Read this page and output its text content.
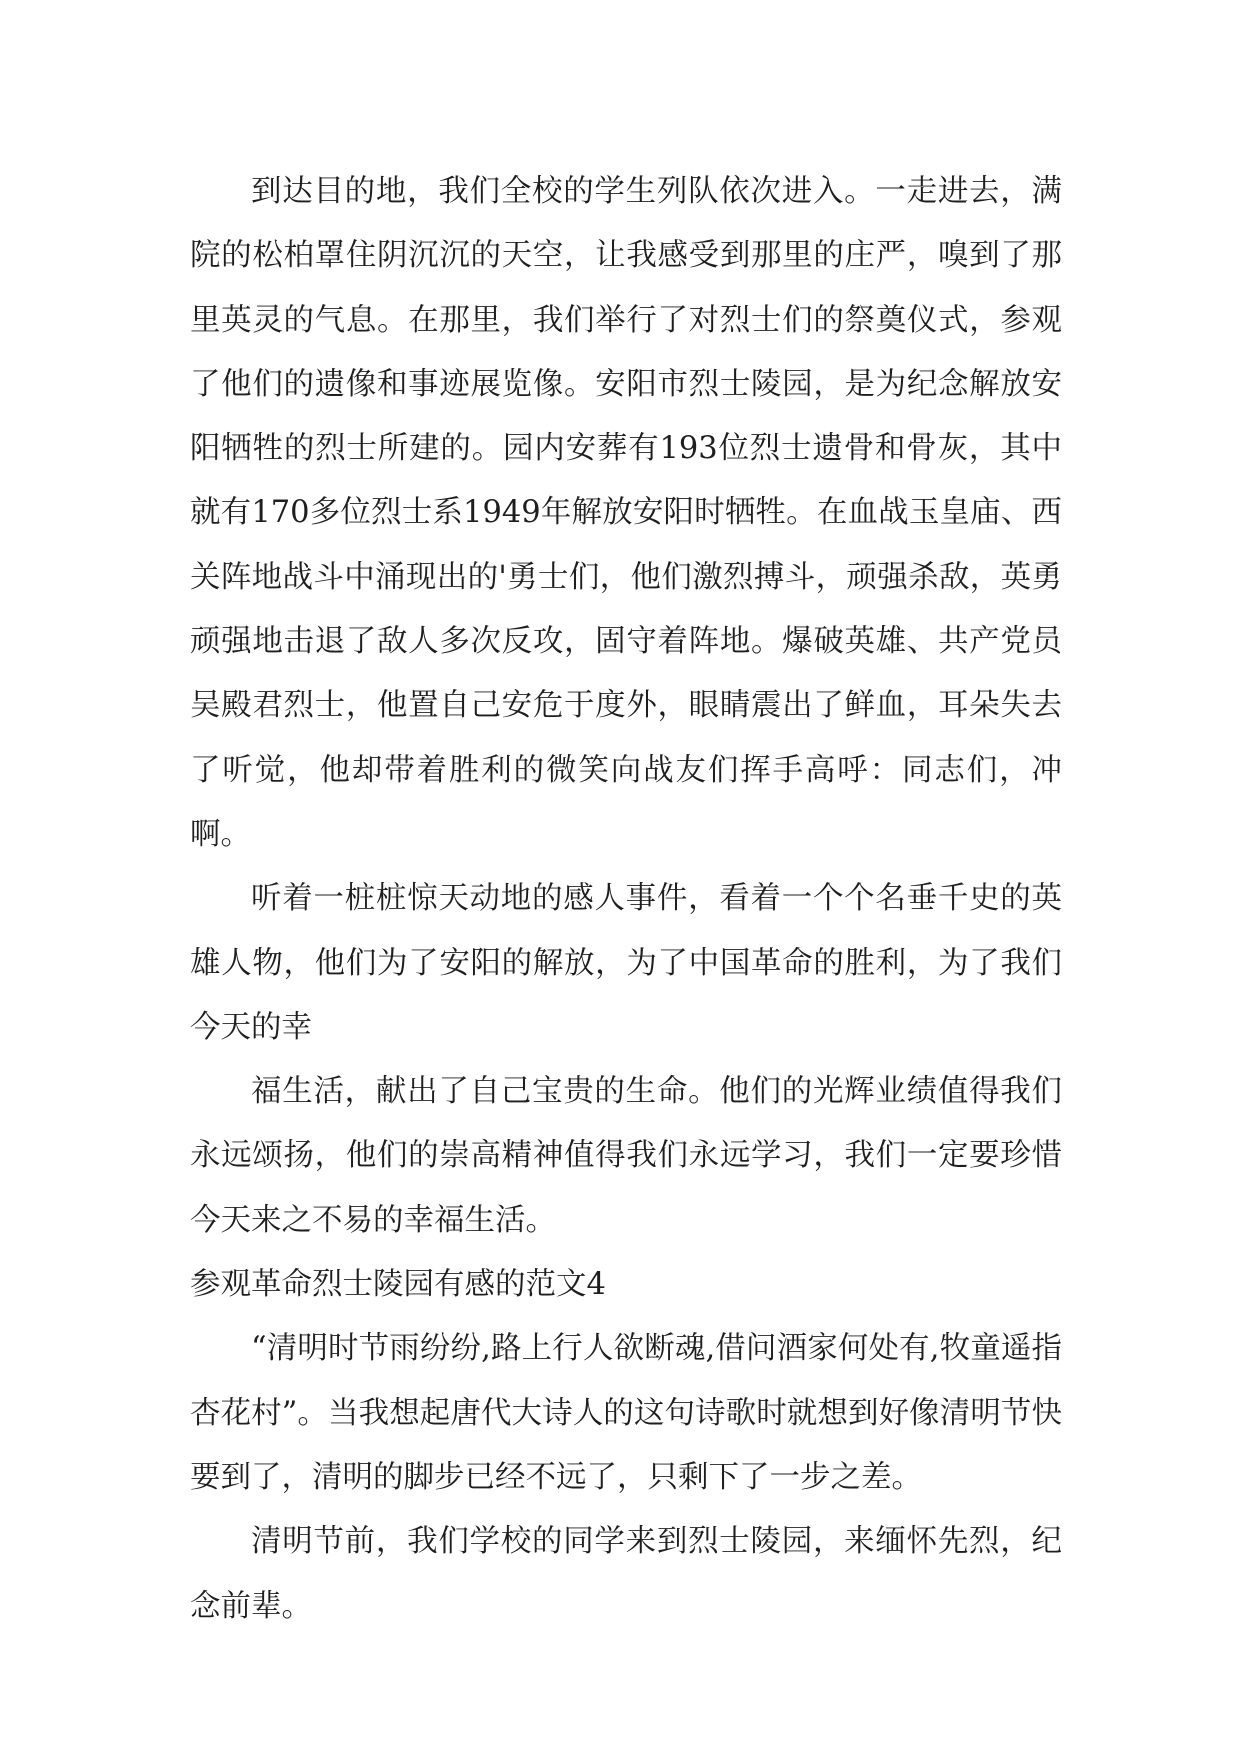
到达目的地，我们全校的学生列队依次进入。一走进去，满院的松柏罩住阴沉沉的天空，让我感受到那里的庄严，嗅到了那里英灵的气息。在那里，我们举行了对烈士们的祭奠仪式，参观了他们的遗像和事迹展览像。安阳市烈士陵园，是为纪念解放安阳牺牲的烈士所建的。园内安葬有193位烈士遗骨和骨灰，其中就有170多位烈士系1949年解放安阳时牺牲。在血战玉皇庙、西关阵地战斗中涌现出的'勇士们，他们激烈搏斗，顽强杀敌，英勇顽强地击退了敌人多次反攻，固守着阵地。爆破英雄、共产党员吴殿君烈士，他置自己安危于度外，眼睛震出了鲜血，耳朵失去了听觉，他却带着胜利的微笑向战友们挥手高呼：同志们，冲啊。

听着一桩桩惊天动地的感人事件，看着一个个名垂千史的英雄人物，他们为了安阳的解放，为了中国革命的胜利，为了我们今天的幸

福生活，献出了自己宝贵的生命。他们的光辉业绩值得我们永远颂扬，他们的崇高精神值得我们永远学习，我们一定要珍惜今天来之不易的幸福生活。

参观革命烈士陵园有感的范文4

“清明时节雨纷纷,路上行人欲断魂,借问酒家何处有,牧童遥指杏花村”。当我想起唐代大诗人的这句诗歌时就想到好像清明节快要到了，清明的脚步已经不远了，只剩下了一步之差。

清明节前，我们学校的同学来到烈士陵园，来缅怀先烈，纪念前辈。
